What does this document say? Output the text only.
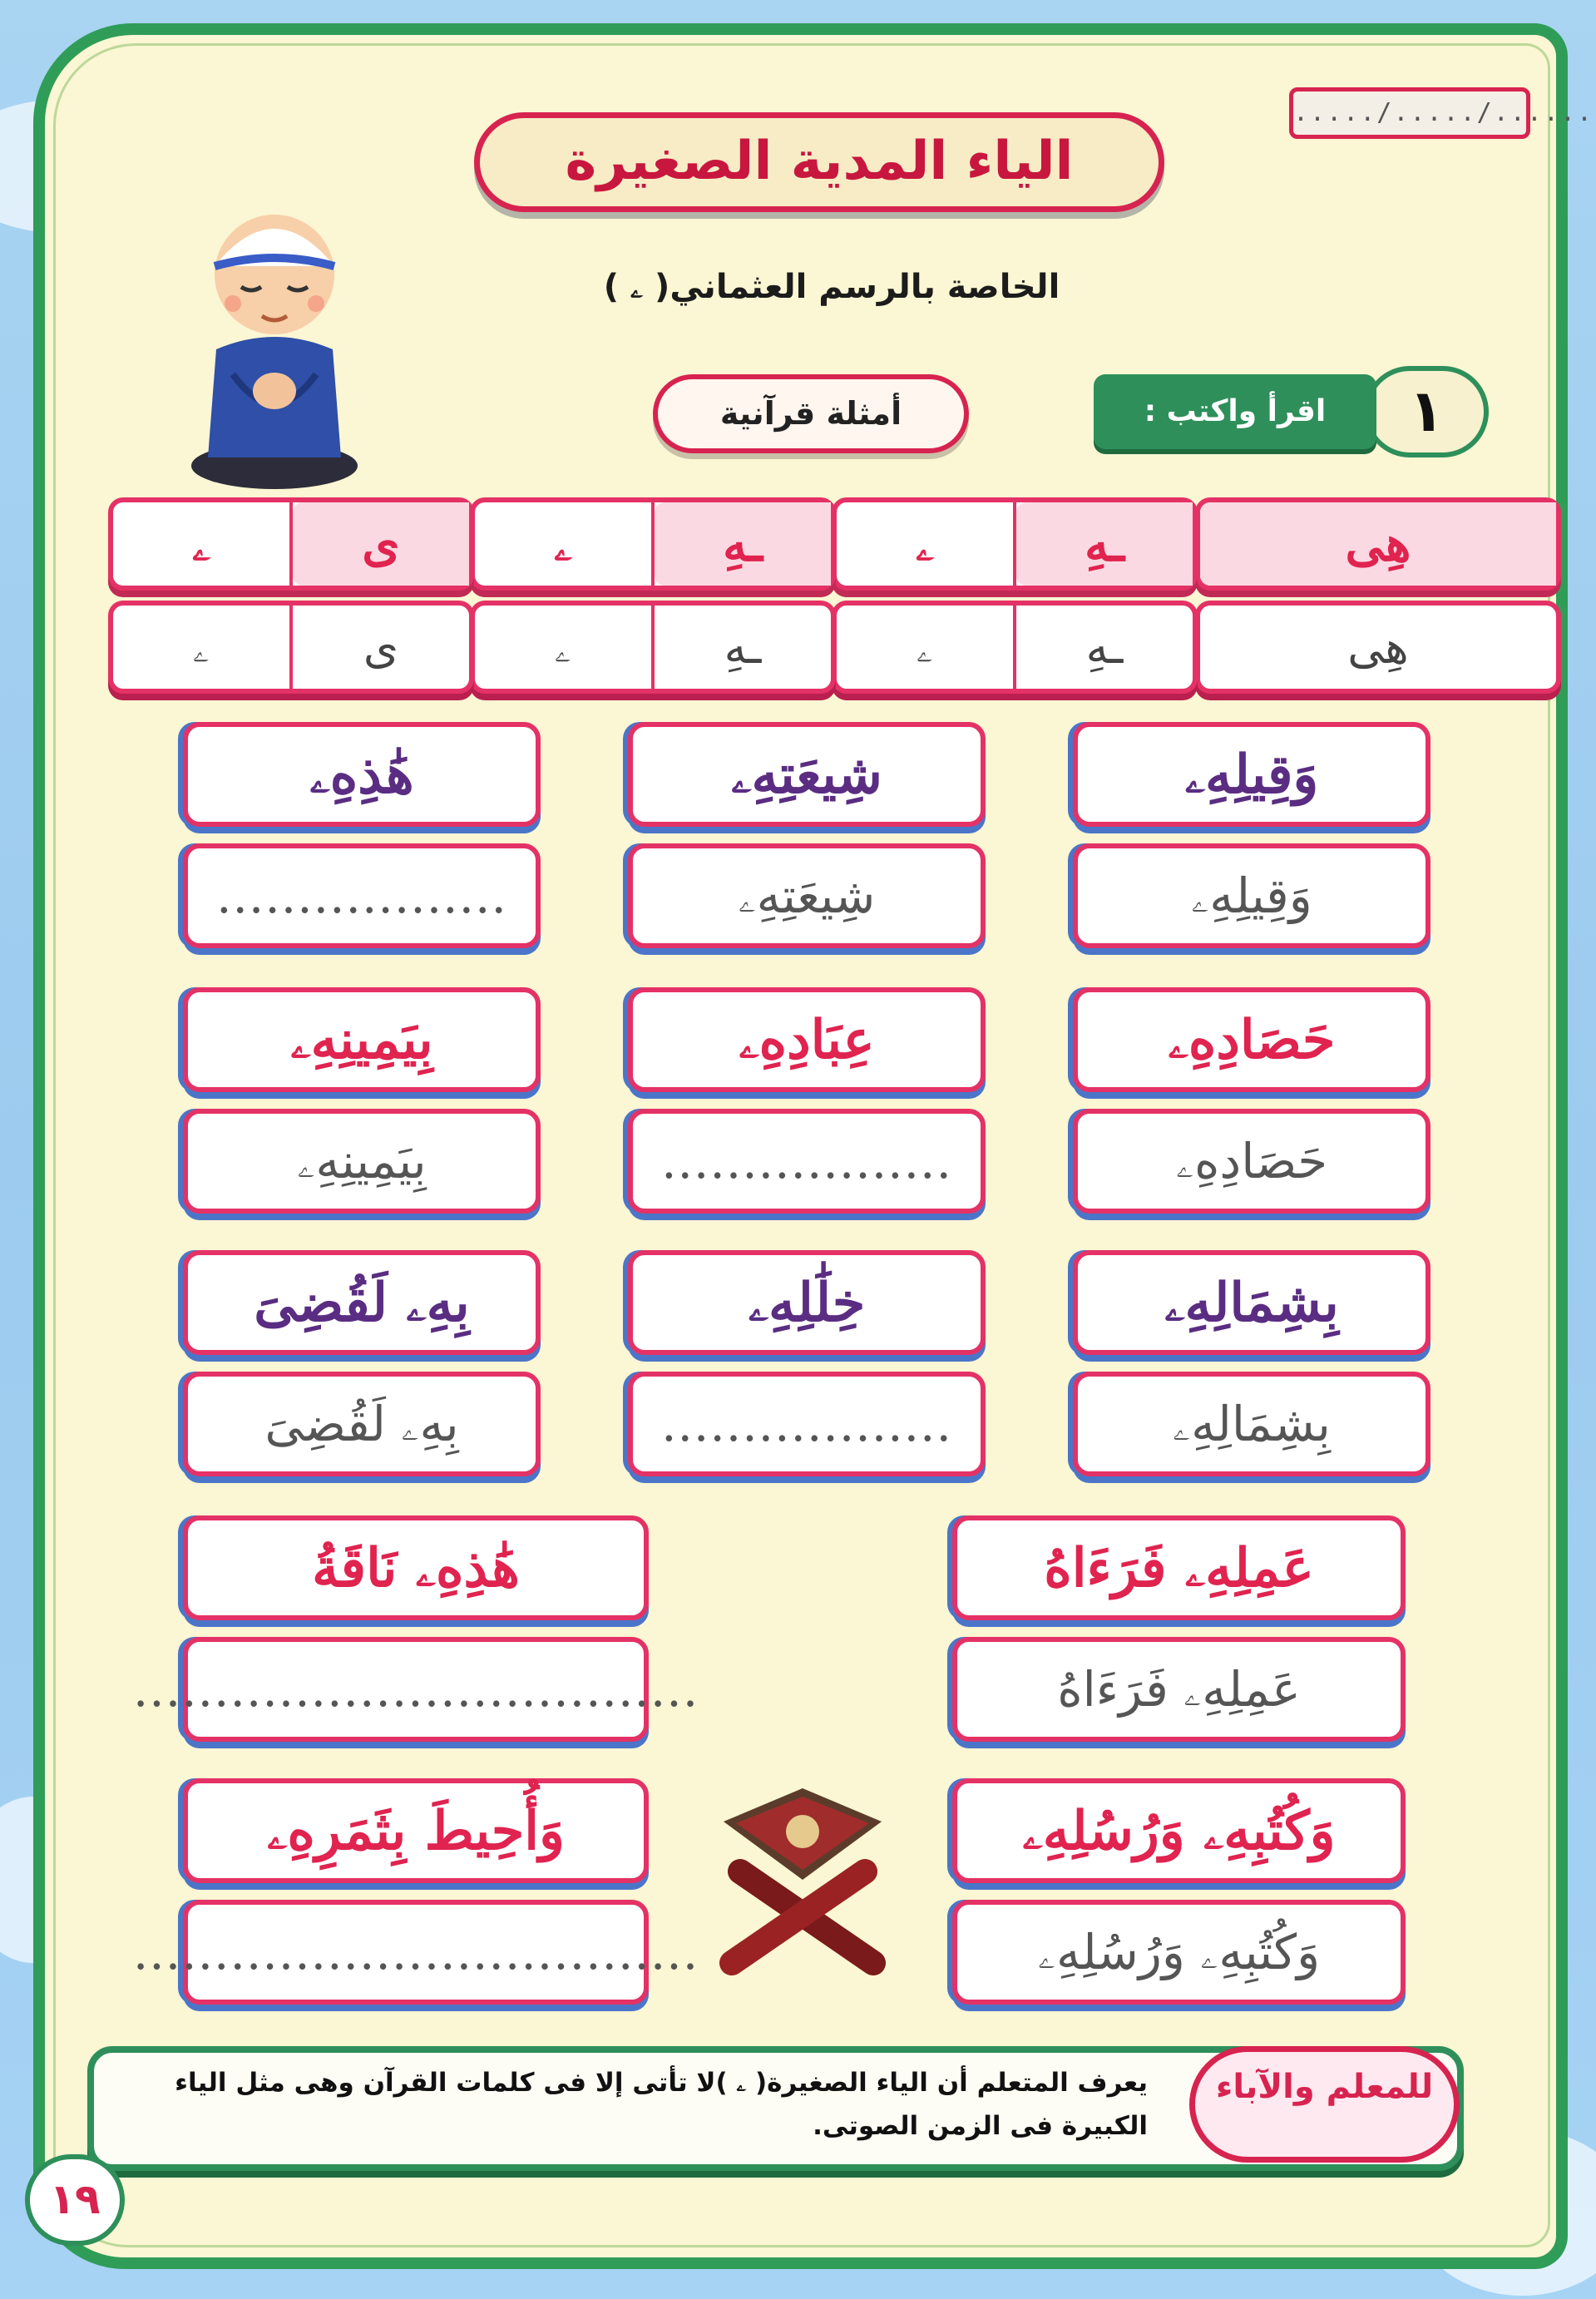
...../...../......
الياء المدية الصغيرة
الخاصة بالرسم العثماني( ۦ )
١
اقرأ واكتب :
أمثلة قرآنية
هِى
هِى
ـهِ
ۦ
ـهِ
ۦ
ـهِ
ۦ
ـهِ
ۦ
ى
ۦ
ى
ۦ
وَقِيلِهِۦ
وَقِيلِهِۦ
شِيعَتِهِۦ
شِيعَتِهِۦ
هَٰذِهِۦ
..................
حَصَادِهِۦ
حَصَادِهِۦ
عِبَادِهِۦ
..................
بِيَمِينِهِۦ
بِيَمِينِهِۦ
بِشِمَالِهِۦ
بِشِمَالِهِۦ
خِلَٰلِهِۦ
..................
بِهِۦ لَقُضِىَ
بِهِۦ لَقُضِىَ
عَمِلِهِۦ فَرَءَاهُ
عَمِلِهِۦ فَرَءَاهُ
هَٰذِهِۦ نَاقَةُ
...................................
وَكُتُبِهِۦ وَرُسُلِهِۦ
وَكُتُبِهِۦ وَرُسُلِهِۦ
وَأُحِيطَ بِثَمَرِهِۦ
...................................
يعرف المتعلم أن الياء الصغيرة( ۦ )لا تأتى إلا فى كلمات القرآن وهى مثل الياء الكبيرة فى الزمن الصوتى.
للمعلم والآباء
١٩
